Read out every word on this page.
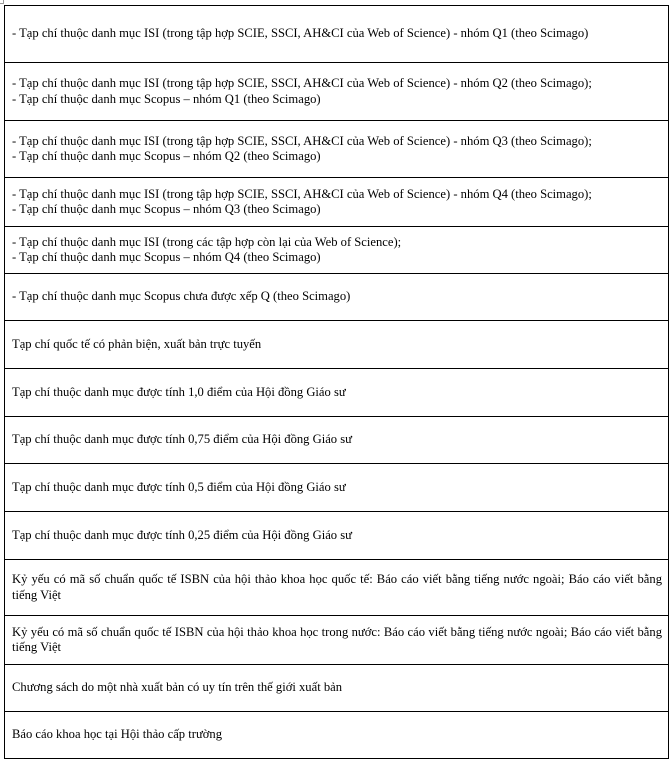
- Tạp chí thuộc danh mục ISI (trong tập hợp SCIE, SSCI, AH&CI của Web of Science) - nhóm Q1 (theo Scimago)

- Tạp chí thuộc danh mục ISI (trong tập hợp SCIE, SSCI, AH&CI của Web of Science) - nhóm Q2 (theo Scimago);
- Tạp chí thuộc danh mục Scopus – nhóm Q1 (theo Scimago)

- Tạp chí thuộc danh mục ISI (trong tập hợp SCIE, SSCI, AH&CI của Web of Science) - nhóm Q3 (theo Scimago);
- Tạp chí thuộc danh mục Scopus – nhóm Q2 (theo Scimago)

- Tạp chí thuộc danh mục ISI (trong tập hợp SCIE, SSCI, AH&CI của Web of Science) - nhóm Q4 (theo Scimago);
- Tạp chí thuộc danh mục Scopus – nhóm Q3 (theo Scimago)

- Tạp chí thuộc danh mục ISI (trong các tập hợp còn lại của Web of Science);
- Tạp chí thuộc danh mục Scopus – nhóm Q4 (theo Scimago)

- Tạp chí thuộc danh mục Scopus chưa được xếp Q (theo Scimago)

Tạp chí quốc tế có phản biện, xuất bản trực tuyến

Tạp chí thuộc danh mục được tính 1,0 điểm của Hội đồng Giáo sư

Tạp chí thuộc danh mục được tính 0,75 điểm của Hội đồng Giáo sư

Tạp chí thuộc danh mục được tính 0,5 điểm của Hội đồng Giáo sư

Tạp chí thuộc danh mục được tính 0,25 điểm của Hội đồng Giáo sư

Kỷ yếu có mã số chuẩn quốc tế ISBN của hội thảo khoa học quốc tế: Báo cáo viết bằng tiếng nước ngoài; Báo cáo viết bằng tiếng Việt

Kỷ yếu có mã số chuẩn quốc tế ISBN của hội thảo khoa học trong nước: Báo cáo viết bằng tiếng nước ngoài; Báo cáo viết bằng tiếng Việt

Chương sách do một nhà xuất bản có uy tín trên thế giới xuất bản

Báo cáo khoa học tại Hội thảo cấp trường
